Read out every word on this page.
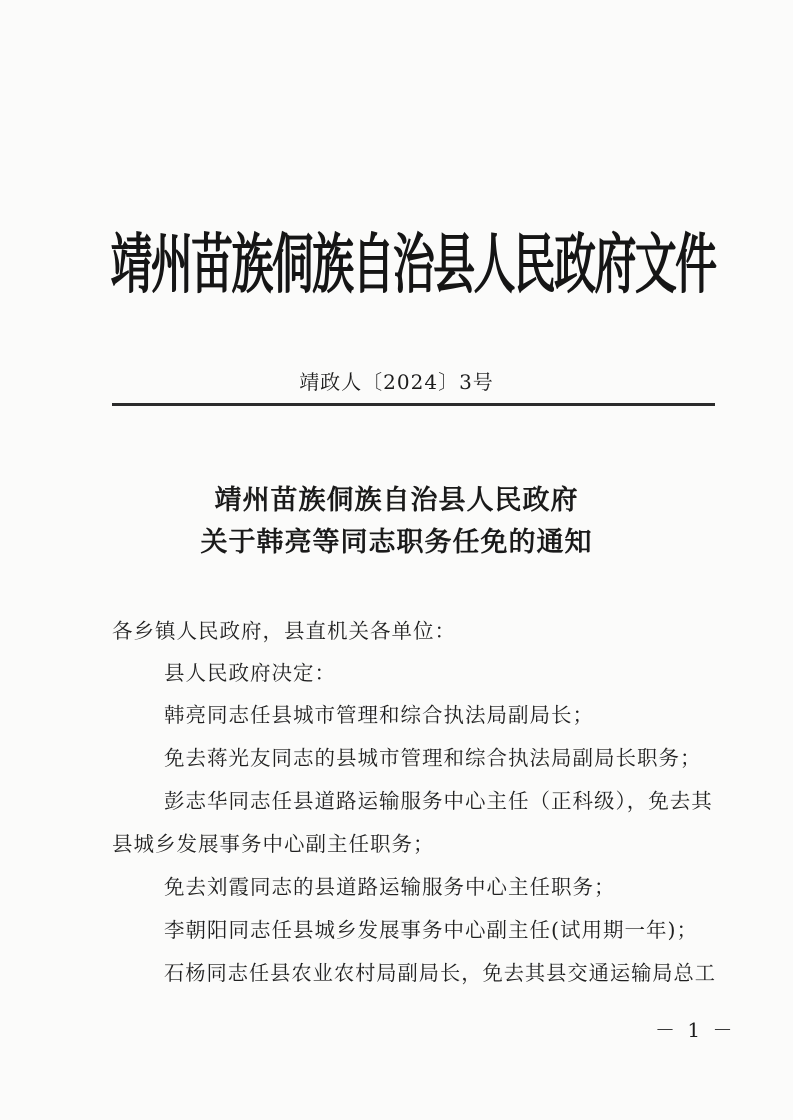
靖州苗族侗族自治县人民政府文件
靖政人〔2024〕3号
靖州苗族侗族自治县人民政府
关于韩亮等同志职务任免的通知
各乡镇人民政府，县直机关各单位：
县人民政府决定：
韩亮同志任县城市管理和综合执法局副局长；
免去蒋光友同志的县城市管理和综合执法局副局长职务；
彭志华同志任县道路运输服务中心主任（正科级），免去其
县城乡发展事务中心副主任职务；
免去刘霞同志的县道路运输服务中心主任职务；
李朝阳同志任县城乡发展事务中心副主任(试用期一年)；
石杨同志任县农业农村局副局长，免去其县交通运输局总工
－ 1 －
